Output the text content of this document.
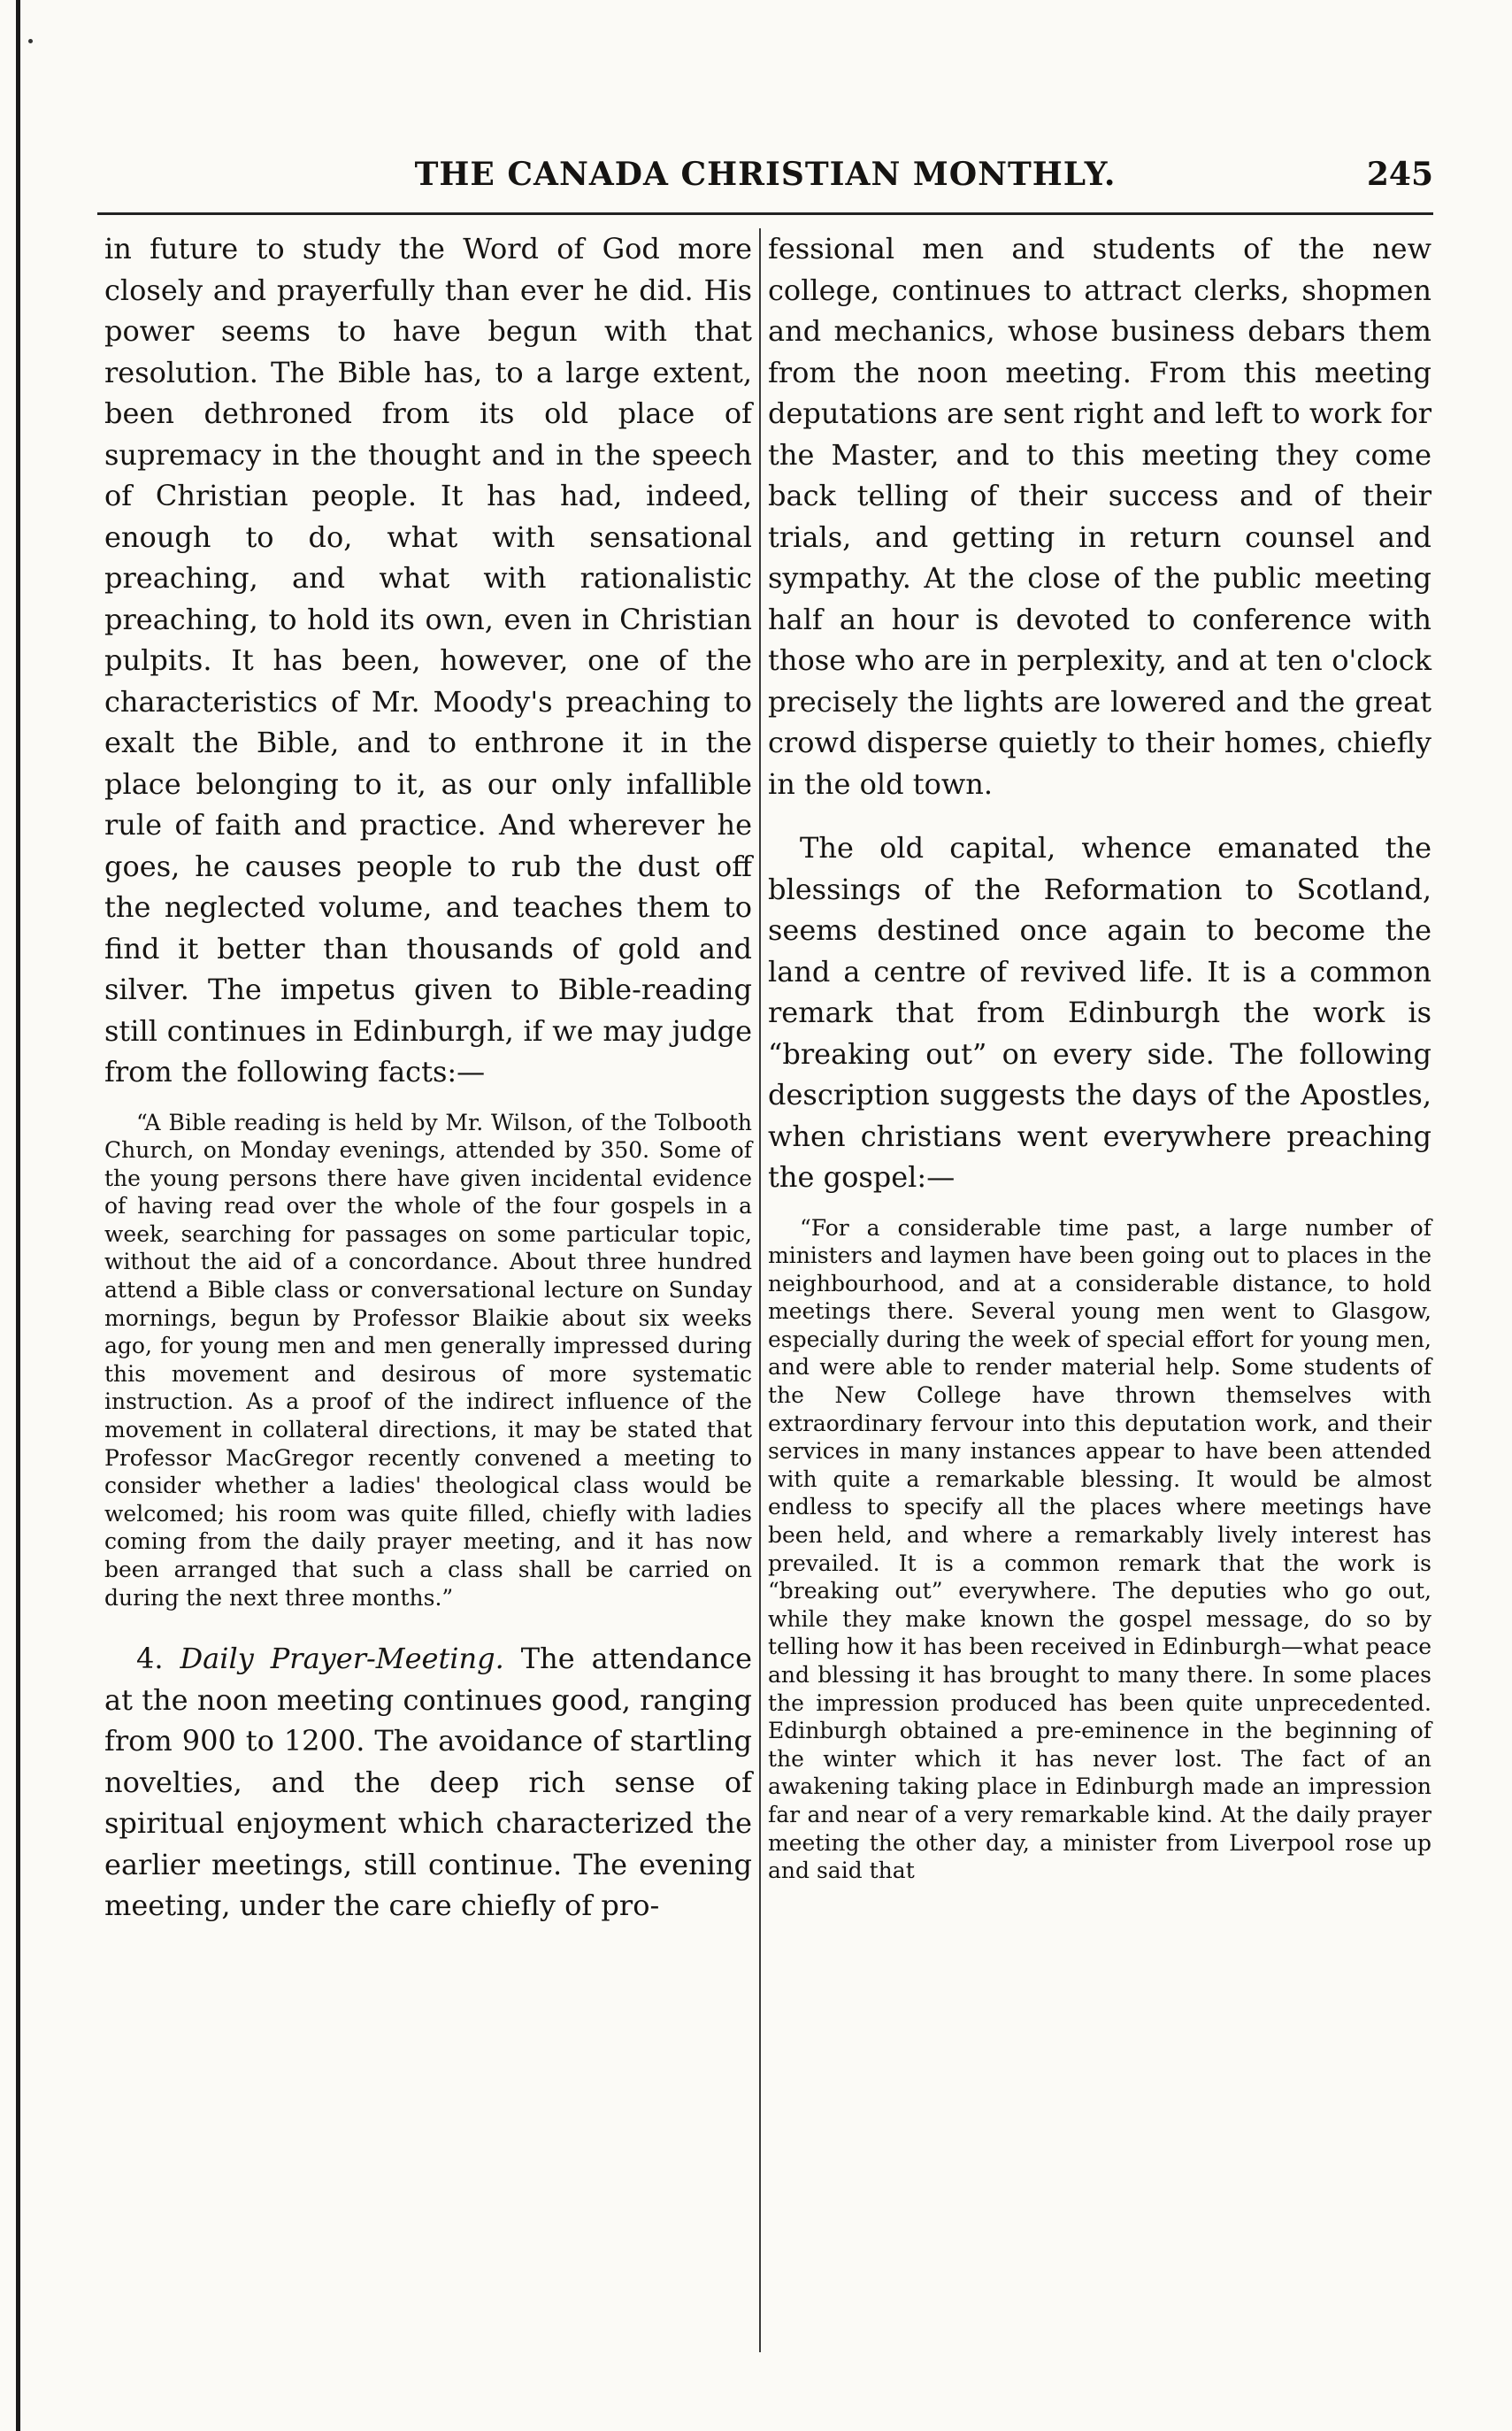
THE CANADA CHRISTIAN MONTHLY.	245

in future to study the Word of God more closely and prayerfully than ever he did. His power seems to have begun with that resolution. The Bible has, to a large extent, been dethroned from its old place of supremacy in the thought and in the speech of Christian people. It has had, indeed, enough to do, what with sensational preaching, and what with rationalistic preaching, to hold its own, even in Christian pulpits. It has been, however, one of the characteristics of Mr. Moody's preaching to exalt the Bible, and to enthrone it in the place belonging to it, as our only infallible rule of faith and practice. And wherever he goes, he causes people to rub the dust off the neglected volume, and teaches them to find it better than thousands of gold and silver. The impetus given to Bible-reading still continues in Edinburgh, if we may judge from the following facts:—

“A Bible reading is held by Mr. Wilson, of the Tolbooth Church, on Monday evenings, attended by 350. Some of the young persons there have given incidental evidence of having read over the whole of the four gospels in a week, searching for passages on some particular topic, without the aid of a concordance. About three hundred attend a Bible class or conversational lecture on Sunday mornings, begun by Professor Blaikie about six weeks ago, for young men and men generally impressed during this movement and desirous of more systematic instruction. As a proof of the indirect influence of the movement in collateral directions, it may be stated that Professor MacGregor recently convened a meeting to consider whether a ladies' theological class would be welcomed; his room was quite filled, chiefly with ladies coming from the daily prayer meeting, and it has now been arranged that such a class shall be carried on during the next three months.”

4. Daily Prayer-Meeting. The attendance at the noon meeting continues good, ranging from 900 to 1200. The avoidance of startling novelties, and the deep rich sense of spiritual enjoyment which characterized the earlier meetings, still continue. The evening meeting, under the care chiefly of pro-

fessional men and students of the new college, continues to attract clerks, shopmen and mechanics, whose business debars them from the noon meeting. From this meeting deputations are sent right and left to work for the Master, and to this meeting they come back telling of their success and of their trials, and getting in return counsel and sympathy. At the close of the public meeting half an hour is devoted to conference with those who are in perplexity, and at ten o'clock precisely the lights are lowered and the great crowd disperse quietly to their homes, chiefly in the old town.

The old capital, whence emanated the blessings of the Reformation to Scotland, seems destined once again to become the land a centre of revived life. It is a common remark that from Edinburgh the work is “breaking out” on every side. The following description suggests the days of the Apostles, when christians went everywhere preaching the gospel:—

“For a considerable time past, a large number of ministers and laymen have been going out to places in the neighbourhood, and at a considerable distance, to hold meetings there. Several young men went to Glasgow, especially during the week of special effort for young men, and were able to render material help. Some students of the New College have thrown themselves with extraordinary fervour into this deputation work, and their services in many instances appear to have been attended with quite a remarkable blessing. It would be almost endless to specify all the places where meetings have been held, and where a remarkably lively interest has prevailed. It is a common remark that the work is “breaking out” everywhere. The deputies who go out, while they make known the gospel message, do so by telling how it has been received in Edinburgh—what peace and blessing it has brought to many there. In some places the impression produced has been quite unprecedented. Edinburgh obtained a pre-eminence in the beginning of the winter which it has never lost. The fact of an awakening taking place in Edinburgh made an impression far and near of a very remarkable kind. At the daily prayer meeting the other day, a minister from Liverpool rose up and said that
